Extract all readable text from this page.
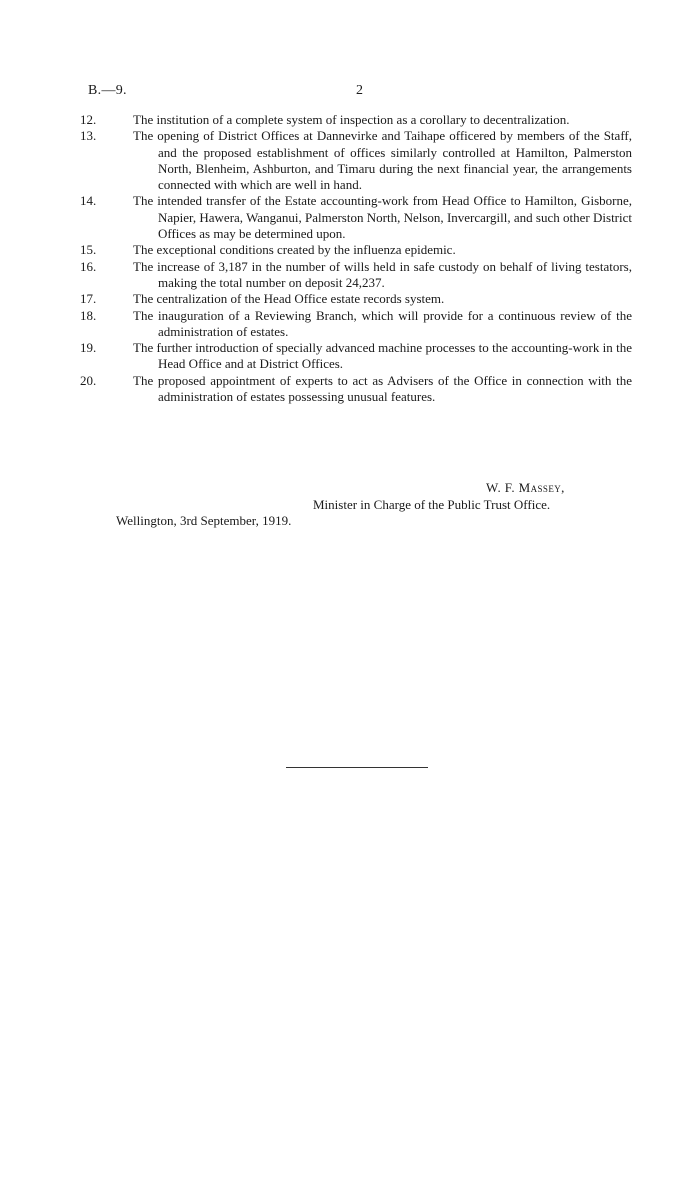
B.—9.	2
12.	The institution of a complete system of inspection as a corollary to decentralization.
13.	The opening of District Offices at Dannevirke and Taihape officered by members of the Staff, and the proposed establishment of offices similarly controlled at Hamilton, Palmerston North, Blenheim, Ashburton, and Timaru during the next financial year, the arrangements connected with which are well in hand.
14.	The intended transfer of the Estate accounting-work from Head Office to Hamilton, Gisborne, Napier, Hawera, Wanganui, Palmerston North, Nelson, Invercargill, and such other District Offices as may be determined upon.
15.	The exceptional conditions created by the influenza epidemic.
16.	The increase of 3,187 in the number of wills held in safe custody on behalf of living testators, making the total number on deposit 24,237.
17.	The centralization of the Head Office estate records system.
18.	The inauguration of a Reviewing Branch, which will provide for a continuous review of the administration of estates.
19.	The further introduction of specially advanced machine processes to the accounting-work in the Head Office and at District Offices.
20.	The proposed appointment of experts to act as Advisers of the Office in connection with the administration of estates possessing unusual features.
W. F. Massey,
Minister in Charge of the Public Trust Office.
Wellington, 3rd September, 1919.
